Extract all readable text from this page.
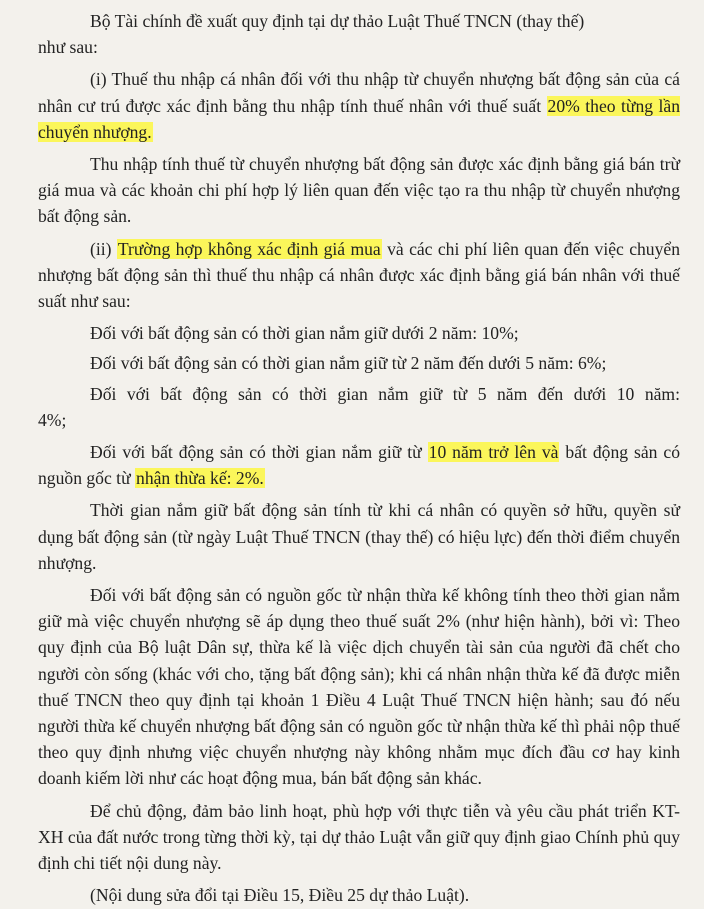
Bộ Tài chính đề xuất quy định tại dự thảo Luật Thuế TNCN (thay thế)

như sau:

(i) Thuế thu nhập cá nhân đối với thu nhập từ chuyển nhượng bất động sản của cá nhân cư trú được xác định bằng thu nhập tính thuế nhân với thuế suất 20% theo từng lần chuyển nhượng.

Thu nhập tính thuế từ chuyển nhượng bất động sản được xác định bằng giá bán trừ giá mua và các khoản chi phí hợp lý liên quan đến việc tạo ra thu nhập từ chuyển nhượng bất động sản.

(ii) Trường hợp không xác định giá mua và các chi phí liên quan đến việc chuyển nhượng bất động sản thì thuế thu nhập cá nhân được xác định bằng giá bán nhân với thuế suất như sau:

Đối với bất động sản có thời gian nắm giữ dưới 2 năm: 10%;

Đối với bất động sản có thời gian nắm giữ từ 2 năm đến dưới 5 năm: 6%;

Đối với bất động sản có thời gian nắm giữ từ 5 năm đến dưới 10 năm:

4%;

Đối với bất động sản có thời gian nắm giữ từ 10 năm trở lên và bất động sản có nguồn gốc từ nhận thừa kế: 2%.

Thời gian nắm giữ bất động sản tính từ khi cá nhân có quyền sở hữu, quyền sử dụng bất động sản (từ ngày Luật Thuế TNCN (thay thế) có hiệu lực) đến thời điểm chuyển nhượng.

Đối với bất động sản có nguồn gốc từ nhận thừa kế không tính theo thời gian nắm giữ mà việc chuyển nhượng sẽ áp dụng theo thuế suất 2% (như hiện hành), bởi vì: Theo quy định của Bộ luật Dân sự, thừa kế là việc dịch chuyển tài sản của người đã chết cho người còn sống (khác với cho, tặng bất động sản); khi cá nhân nhận thừa kế đã được miễn thuế TNCN theo quy định tại khoản 1 Điều 4 Luật Thuế TNCN hiện hành; sau đó nếu người thừa kế chuyển nhượng bất động sản có nguồn gốc từ nhận thừa kế thì phải nộp thuế theo quy định nhưng việc chuyển nhượng này không nhằm mục đích đầu cơ hay kinh doanh kiếm lời như các hoạt động mua, bán bất động sản khác.

Để chủ động, đảm bảo linh hoạt, phù hợp với thực tiễn và yêu cầu phát triển KT-XH của đất nước trong từng thời kỳ, tại dự thảo Luật vẫn giữ quy định giao Chính phủ quy định chi tiết nội dung này.

(Nội dung sửa đổi tại Điều 15, Điều 25 dự thảo Luật).
